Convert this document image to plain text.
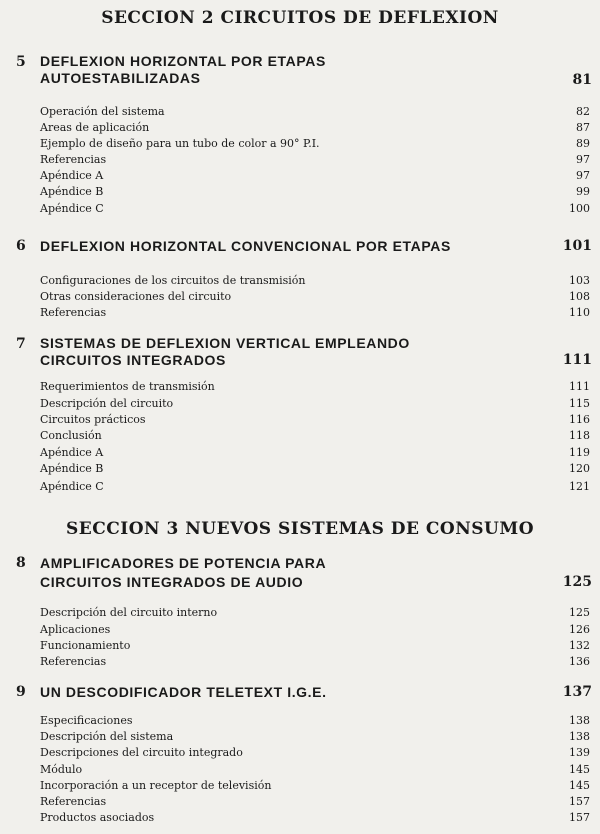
SECCION 2 CIRCUITOS DE DEFLEXION
5 DEFLEXION HORIZONTAL POR ETAPAS
AUTOESTABILIZADAS	81
Operación del sistema	82
Areas de aplicación	87
Ejemplo de diseño para un tubo de color a 90° P.I.	89
Referencias	97
Apéndice A	97
Apéndice B	99
Apéndice C	100
6 DEFLEXION HORIZONTAL CONVENCIONAL POR ETAPAS	101
Configuraciones de los circuitos de transmisión	103
Otras consideraciones del circuito	108
Referencias	110
7 SISTEMAS DE DEFLEXION VERTICAL EMPLEANDO
CIRCUITOS INTEGRADOS	111
Requerimientos de transmisión	111
Descripción del circuito	115
Circuitos prácticos	116
Conclusión	118
Apéndice A	119
Apéndice B	120
Apéndice C	121
SECCION 3 NUEVOS SISTEMAS DE CONSUMO
8 AMPLIFICADORES DE POTENCIA PARA
CIRCUITOS INTEGRADOS DE AUDIO	125
Descripción del circuito interno	125
Aplicaciones	126
Funcionamiento	132
Referencias	136
9 UN DESCODIFICADOR TELETEXT I.G.E.	137
Especificaciones	138
Descripción del sistema	138
Descripciones del circuito integrado	139
Módulo	145
Incorporación a un receptor de televisión	145
Referencias	157
Productos asociados	157
